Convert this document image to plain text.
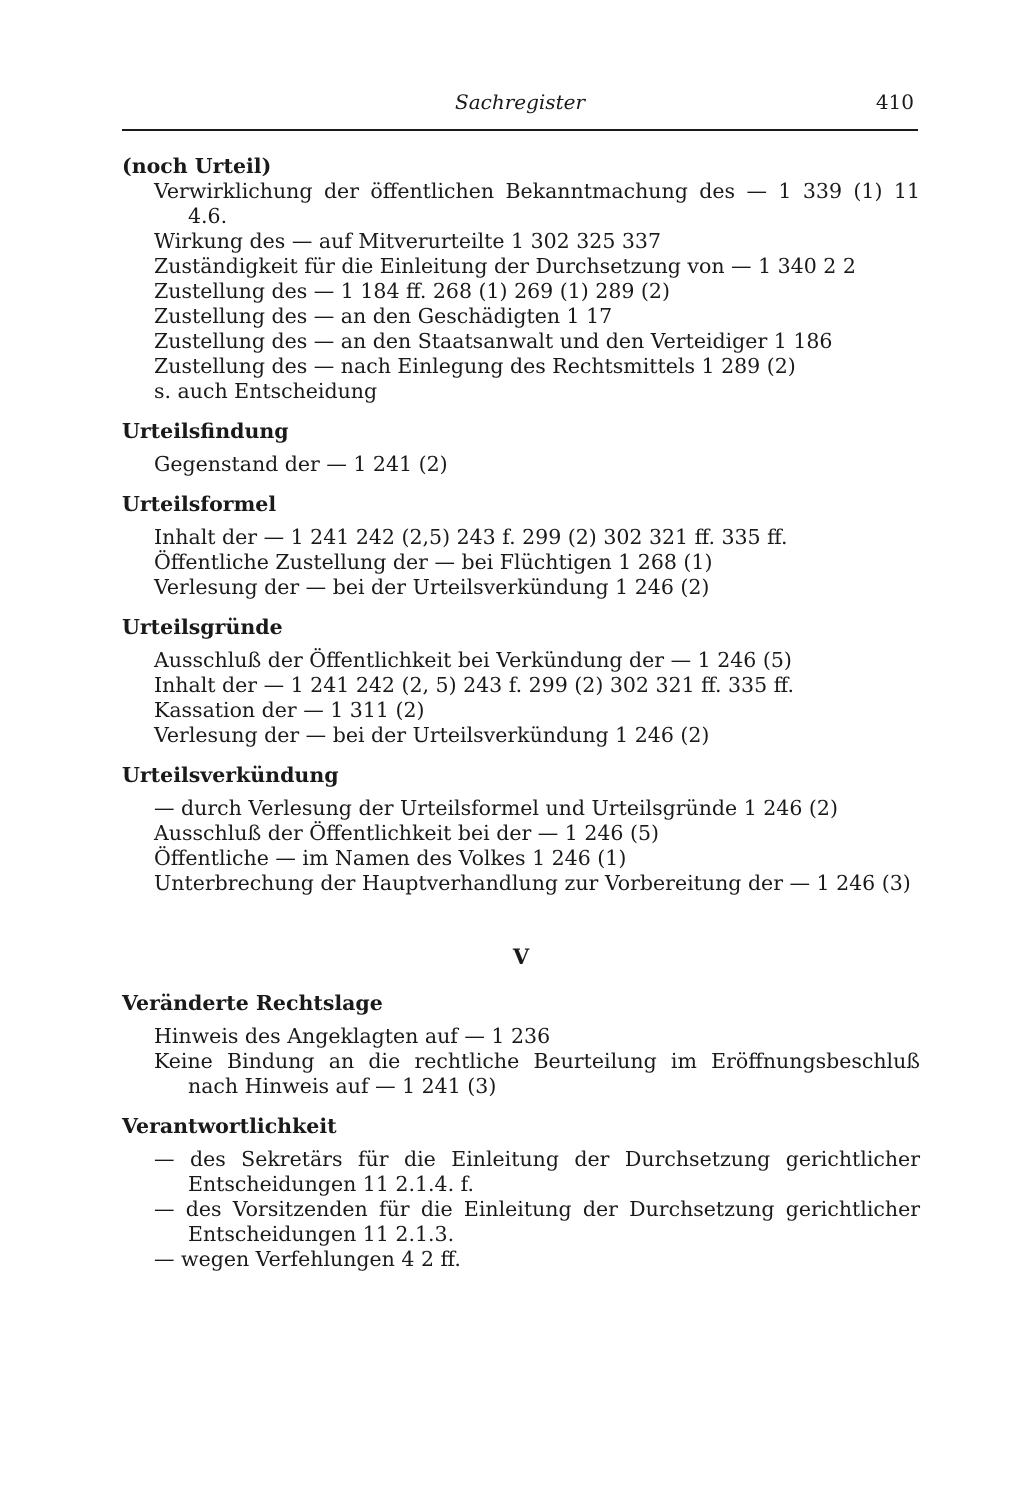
Sachregister	410
(noch Urteil)

Verwirklichung der öffentlichen Bekanntmachung des — 1 339 (1) 11 4.6.

Wirkung des — auf Mitverurteilte 1 302 325 337

Zuständigkeit für die Einleitung der Durchsetzung von — 1 340 2 2

Zustellung des — 1 184 ff. 268 (1) 269 (1) 289 (2)

Zustellung des — an den Geschädigten 1 17

Zustellung des — an den Staatsanwalt und den Verteidiger 1 186

Zustellung des — nach Einlegung des Rechtsmittels 1 289 (2)

s. auch Entscheidung

Urteilsfindung

Gegenstand der — 1 241 (2)

Urteilsformel

Inhalt der — 1 241 242 (2,5) 243 f. 299 (2) 302 321 ff. 335 ff.

Öffentliche Zustellung der — bei Flüchtigen 1 268 (1)

Verlesung der — bei der Urteilsverkündung 1 246 (2)

Urteilsgründe

Ausschluß der Öffentlichkeit bei Verkündung der — 1 246 (5)

Inhalt der — 1 241 242 (2, 5) 243 f. 299 (2) 302 321 ff. 335 ff.

Kassation der — 1 311 (2)

Verlesung der — bei der Urteilsverkündung 1 246 (2)

Urteilsverkündung

— durch Verlesung der Urteilsformel und Urteilsgründe 1 246 (2)

Ausschluß der Öffentlichkeit bei der — 1 246 (5)

Öffentliche — im Namen des Volkes 1 246 (1)

Unterbrechung der Hauptverhandlung zur Vorbereitung der — 1 246 (3)

V
Veränderte Rechtslage

Hinweis des Angeklagten auf — 1 236

Keine Bindung an die rechtliche Beurteilung im Eröffnungsbeschluß nach Hinweis auf — 1 241 (3)

Verantwortlichkeit

— des Sekretärs für die Einleitung der Durchsetzung gerichtlicher Entscheidungen 11 2.1.4. f.

— des Vorsitzenden für die Einleitung der Durchsetzung gerichtlicher Entscheidungen 11 2.1.3.

— wegen Verfehlungen 4 2 ff.
